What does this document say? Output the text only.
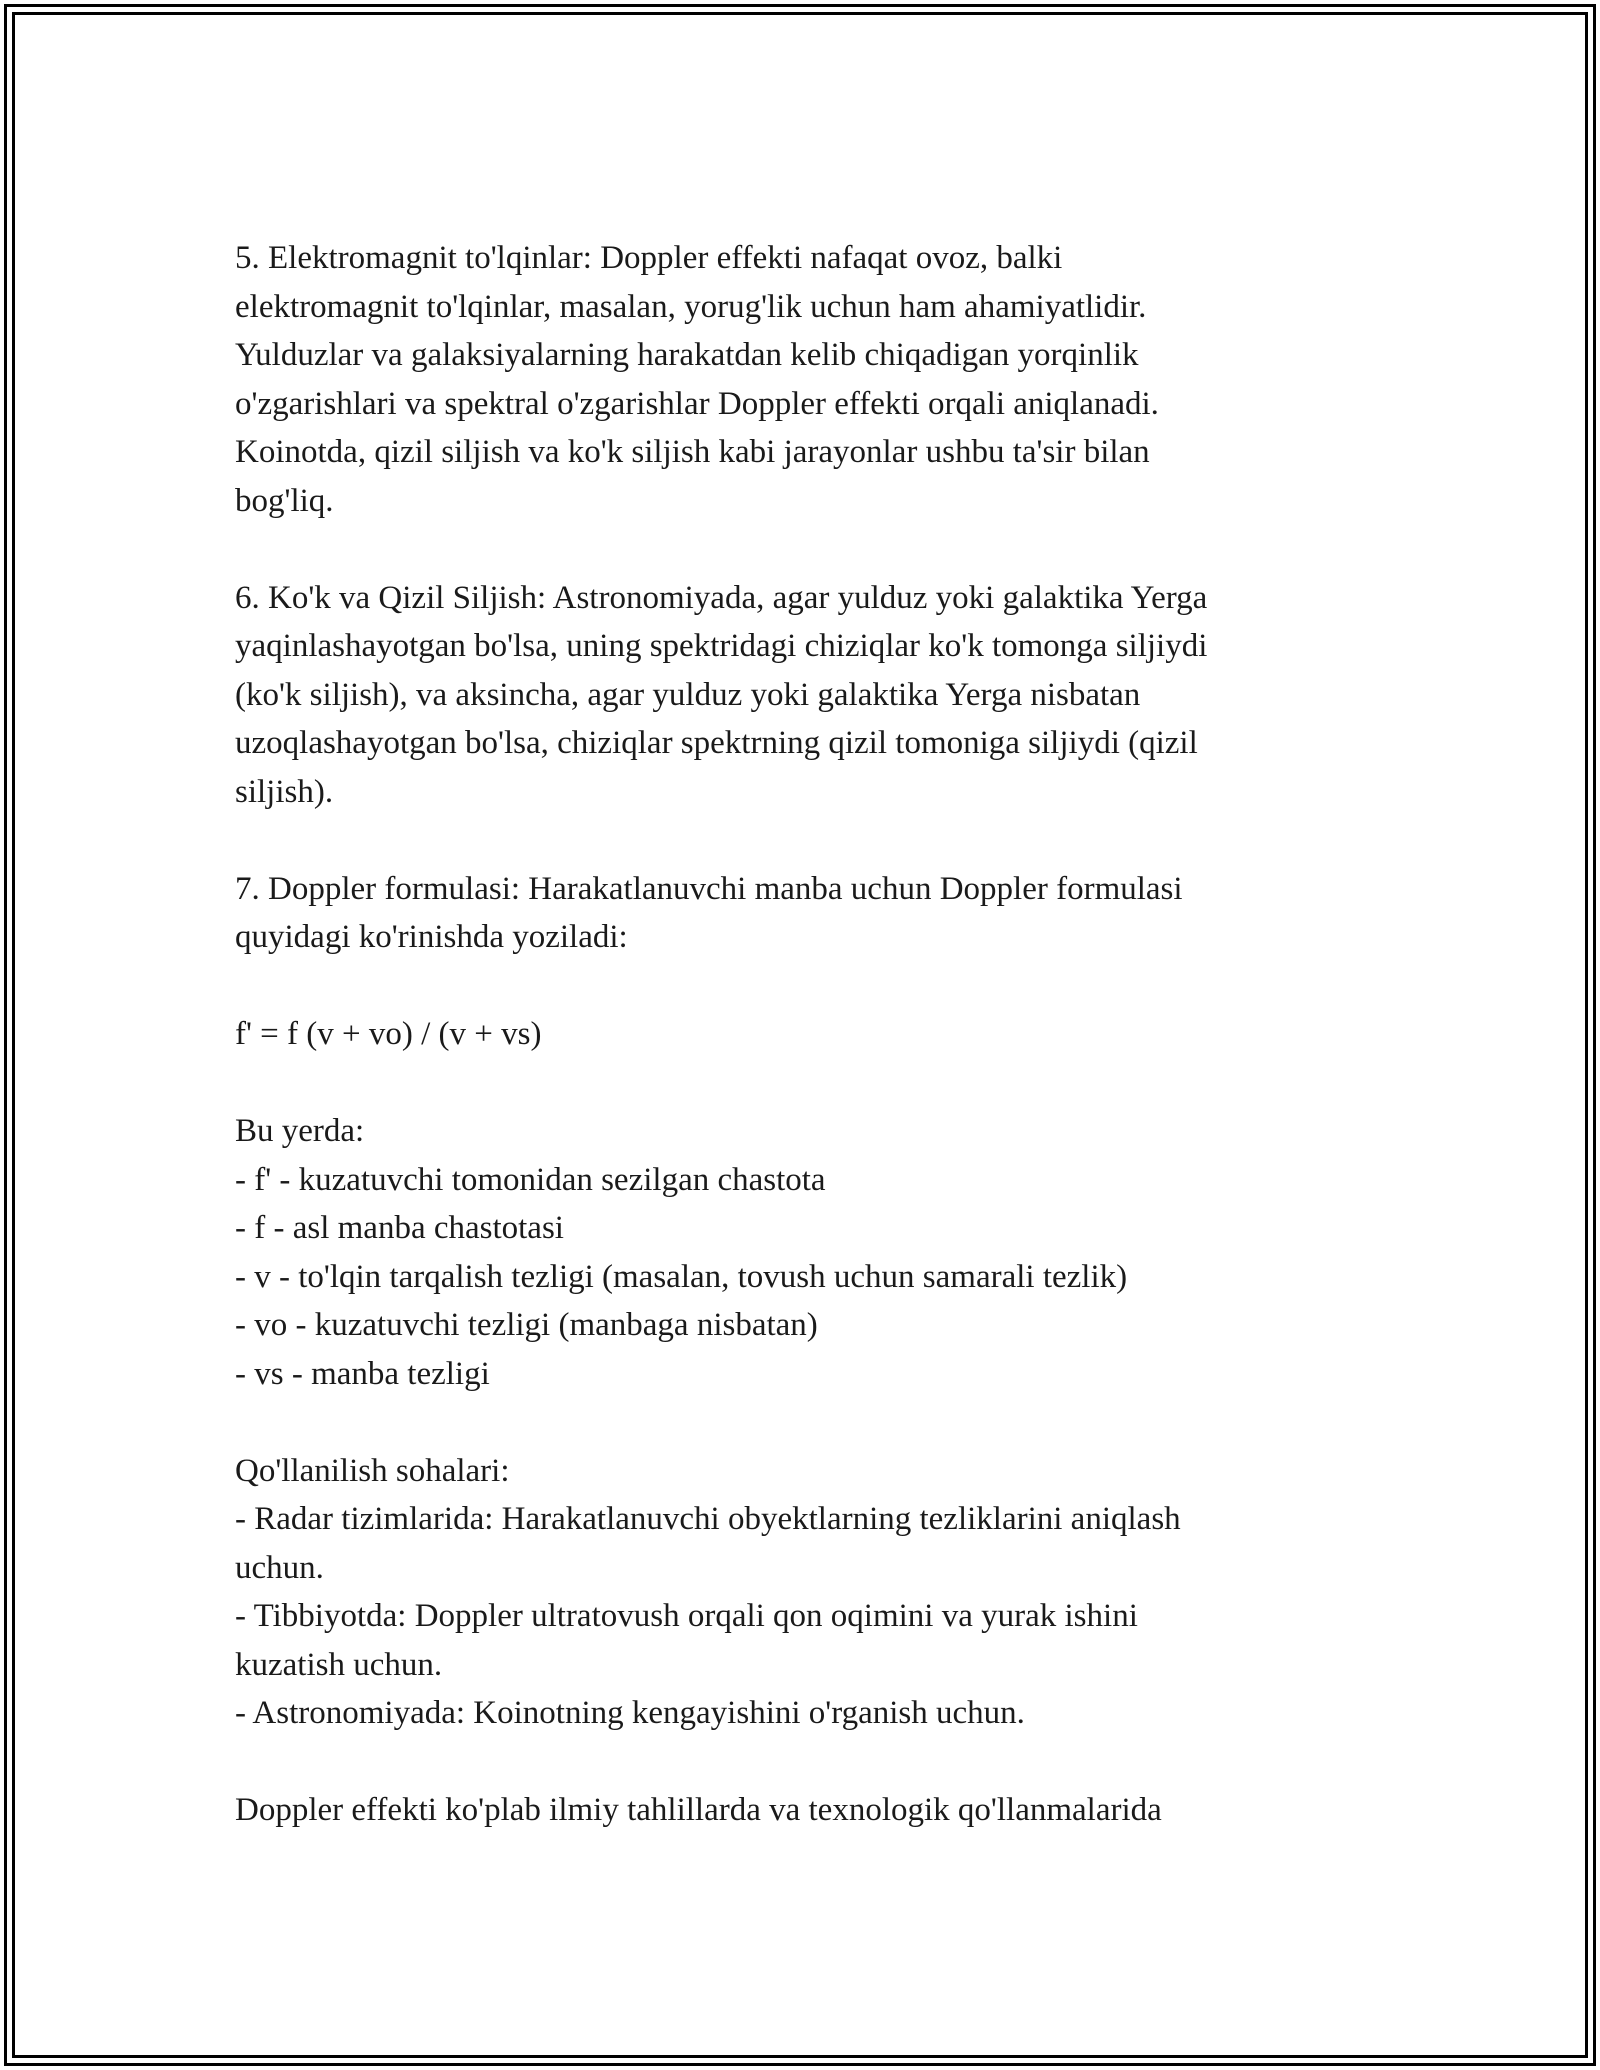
5. Elektromagnit to'lqinlar: Doppler effekti nafaqat ovoz, balki
elektromagnit to'lqinlar, masalan, yorug'lik uchun ham ahamiyatlidir.
Yulduzlar va galaksiyalarning harakatdan kelib chiqadigan yorqinlik
o'zgarishlari va spektral o'zgarishlar Doppler effekti orqali aniqlanadi.
Koinotda, qizil siljish va ko'k siljish kabi jarayonlar ushbu ta'sir bilan
bog'liq.

6. Ko'k va Qizil Siljish: Astronomiyada, agar yulduz yoki galaktika Yerga
yaqinlashayotgan bo'lsa, uning spektridagi chiziqlar ko'k tomonga siljiydi
(ko'k siljish), va aksincha, agar yulduz yoki galaktika Yerga nisbatan
uzoqlashayotgan bo'lsa, chiziqlar spektrning qizil tomoniga siljiydi (qizil
siljish).

7. Doppler formulasi: Harakatlanuvchi manba uchun Doppler formulasi
quyidagi ko'rinishda yoziladi:

f' = f (v + vo) / (v + vs)

Bu yerda:
- f' - kuzatuvchi tomonidan sezilgan chastota
- f - asl manba chastotasi
- v - to'lqin tarqalish tezligi (masalan, tovush uchun samarali tezlik)
- vo - kuzatuvchi tezligi (manbaga nisbatan)
- vs - manba tezligi

Qo'llanilish sohalari:
- Radar tizimlarida: Harakatlanuvchi obyektlarning tezliklarini aniqlash
uchun.
- Tibbiyotda: Doppler ultratovush orqali qon oqimini va yurak ishini
kuzatish uchun.
- Astronomiyada: Koinotning kengayishini o'rganish uchun.

Doppler effekti ko'plab ilmiy tahlillarda va texnologik qo'llanmalarida
